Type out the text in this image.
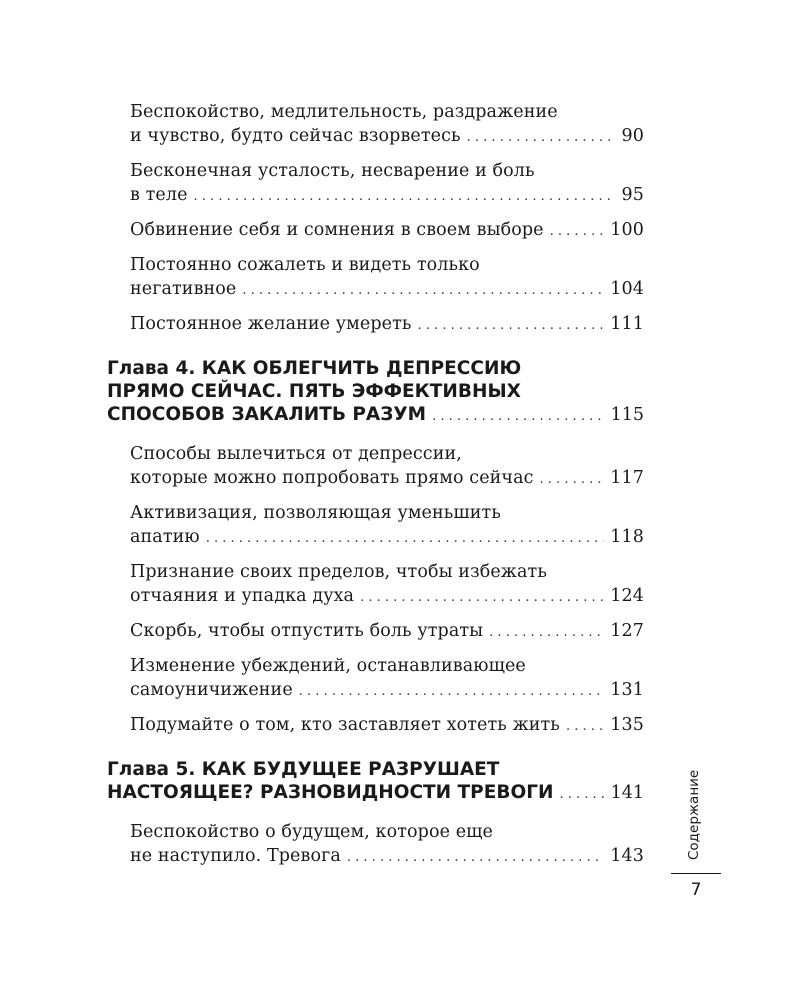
Беспокойство, медлительность, раздражение
и чувство, будто сейчас взорветесь . . .	90
Бесконечная усталость, несварение и боль
в теле . . .	95
Обвинение себя и сомнения в своем выборе . . .	100
Постоянно сожалеть и видеть только
негативное . . .	104
Постоянное желание умереть . . .	111
Глава 4. КАК ОБЛЕГЧИТЬ ДЕПРЕССИЮ
ПРЯМО СЕЙЧАС. ПЯТЬ ЭФФЕКТИВНЫХ
СПОСОБОВ ЗАКАЛИТЬ РАЗУМ . . .	115
Способы вылечиться от депрессии,
которые можно попробовать прямо сейчас . . .	117
Активизация, позволяющая уменьшить
апатию . . .	118
Признание своих пределов, чтобы избежать
отчаяния и упадка духа . . .	124
Скорбь, чтобы отпустить боль утраты . . .	127
Изменение убеждений, останавливающее
самоуничижение . . .	131
Подумайте о том, кто заставляет хотеть жить . . .	135
Глава 5. КАК БУДУЩЕЕ РАЗРУШАЕТ
НАСТОЯЩЕЕ? РАЗНОВИДНОСТИ ТРЕВОГИ . . .	141
Беспокойство о будущем, которое еще
не наступило. Тревога . . .	143	Содержание
7
